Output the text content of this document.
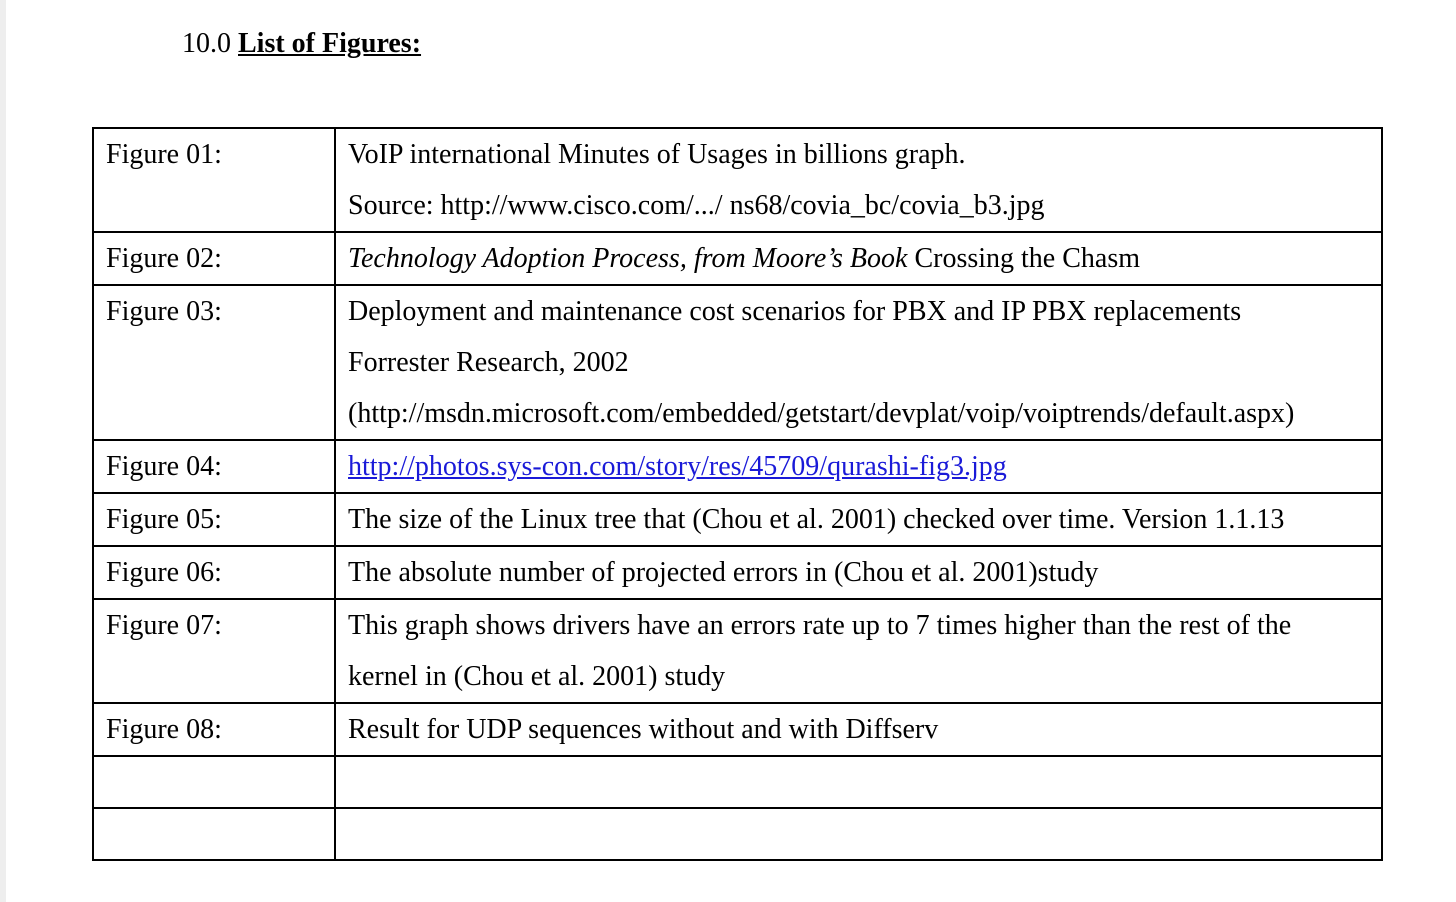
10.0 List of Figures:
Figure 01:	VoIP international Minutes of Usages in billions graph.
Source: http://www.cisco.com/.../ ns68/covia_bc/covia_b3.jpg

Figure 02:	Technology Adoption Process, from Moore’s Book Crossing the Chasm

Figure 03:	Deployment and maintenance cost scenarios for PBX and IP PBX replacements
Forrester Research, 2002
(http://msdn.microsoft.com/embedded/getstart/devplat/voip/voiptrends/default.aspx)

Figure 04:	http://photos.sys-con.com/story/res/45709/qurashi-fig3.jpg

Figure 05:	The size of the Linux tree that (Chou et al. 2001) checked over time. Version 1.1.13

Figure 06:	The absolute number of projected errors in (Chou et al. 2001)study

Figure 07:	This graph shows drivers have an errors rate up to 7 times higher than the rest of the
kernel in (Chou et al. 2001) study

Figure 08:	Result for UDP sequences without and with Diffserv
